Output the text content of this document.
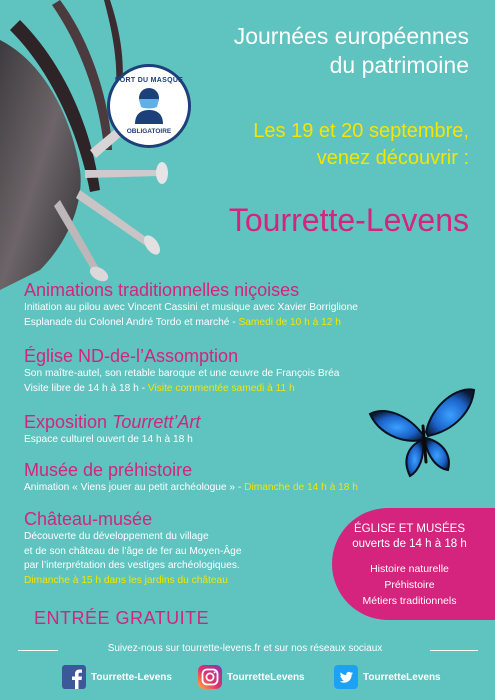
Journées européennes
du patrimoine
PORT DU MASQUE
OBLIGATOIRE	Les 19 et 20 septembre,
venez découvrir :
Tourrette-Levens
Animations traditionnelles niçoises
Initiation au pilou avec Vincent Cassini et musique avec Xavier Borriglione
Esplanade du Colonel André Tordo et marché - Samedi de 10 h à 12 h
Église ND-de-l’Assomption
Son maître-autel, son retable baroque et une œuvre de François Bréa
Visite libre de 14 h à 18 h - Visite commentée samedi à 11 h
Exposition Tourrett’Art
Espace culturel ouvert de 14 h à 18 h
Musée de préhistoire
Animation « Viens jouer au petit archéologue » - Dimanche de 14 h à 18 h
Château-musée
Découverte du développement du village
et de son château de l’âge de fer au Moyen-Âge
par l’interprétation des vestiges archéologiques.
Dimanche à 15 h dans les jardins du château
ÉGLISE ET MUSÉES
ouverts de 14 h à 18 h
Histoire naturelle
Préhistoire
Métiers traditionnels
ENTRÉE GRATUITE
Suivez-nous sur tourrette-levens.fr et sur nos réseaux sociaux
Tourrette-Levens	TourretteLevens	TourretteLevens
